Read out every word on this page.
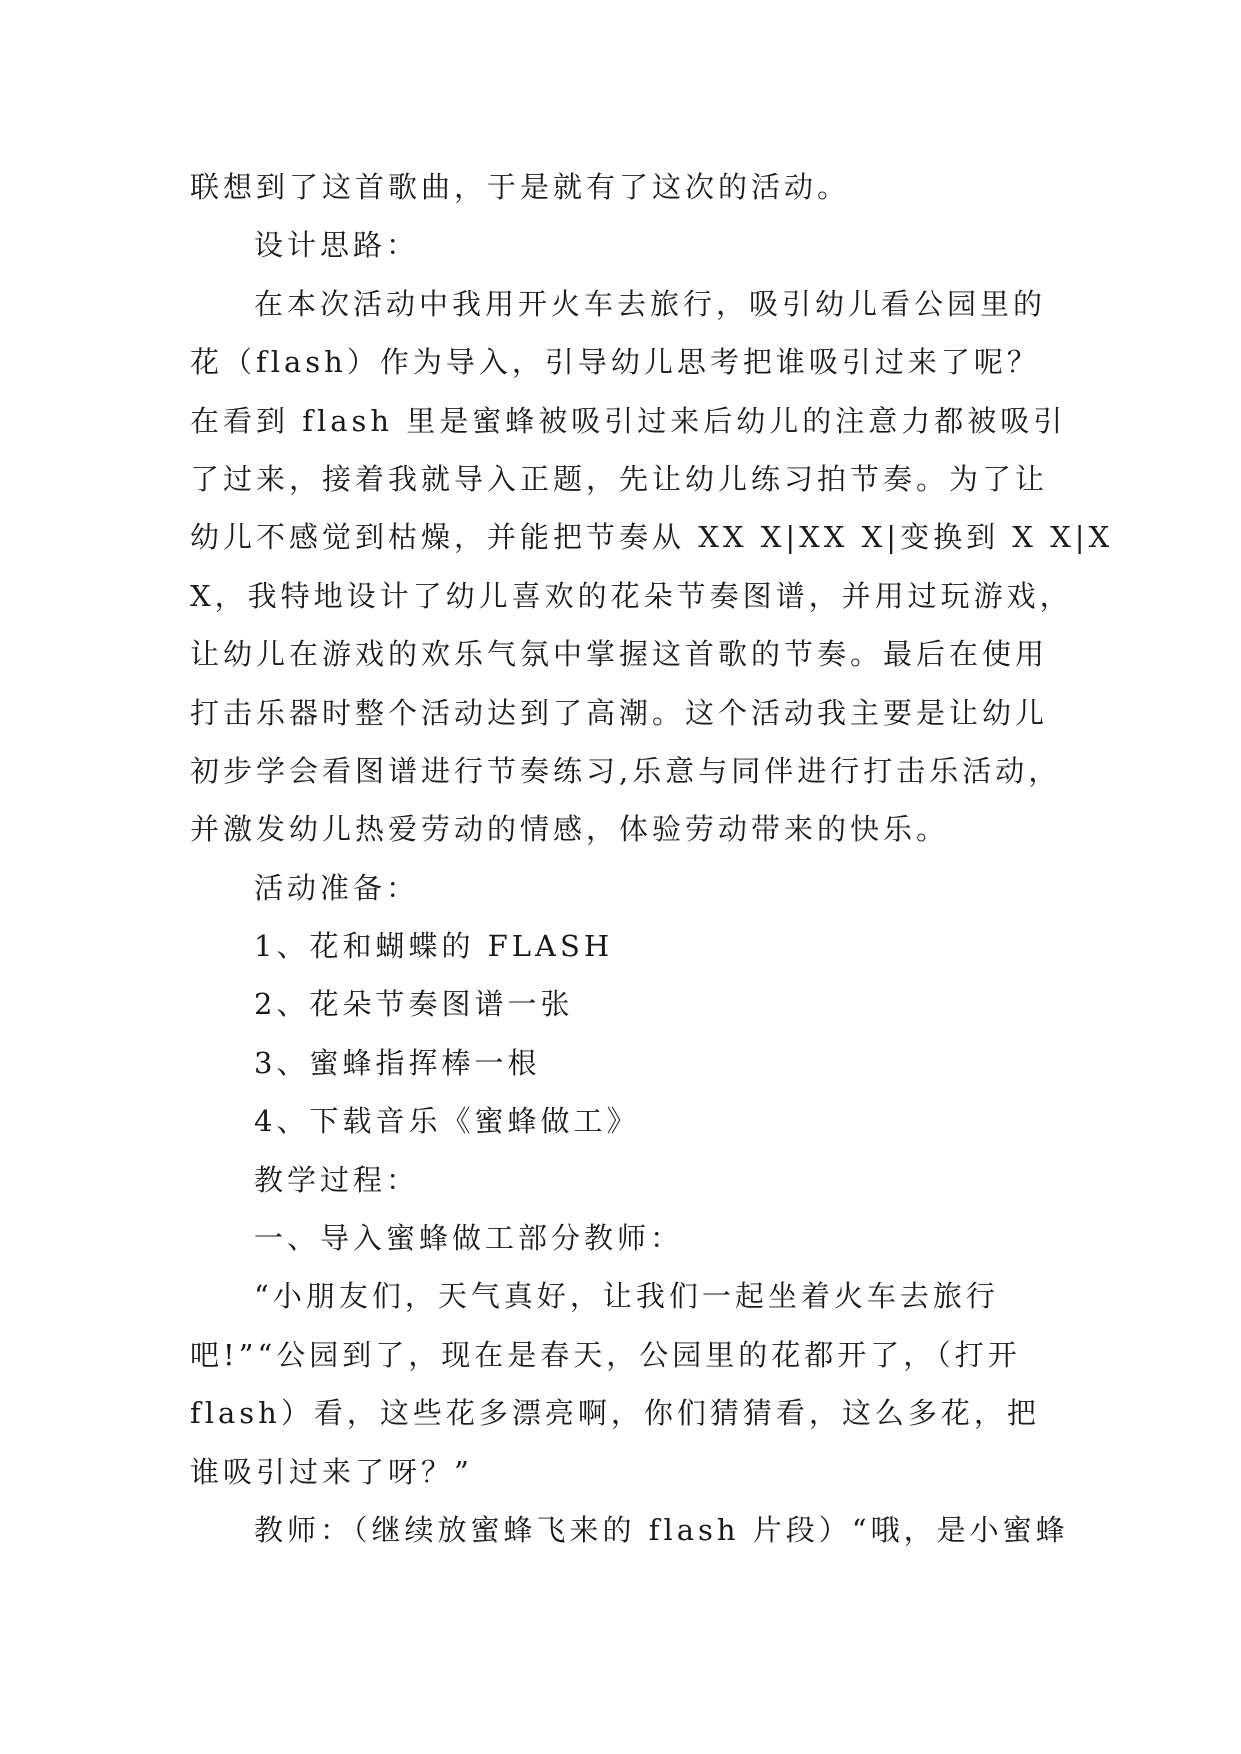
联想到了这首歌曲，于是就有了这次的活动。
设计思路：
在本次活动中我用开火车去旅行，吸引幼儿看公园里的
花（flash）作为导入，引导幼儿思考把谁吸引过来了呢？
在看到 flash 里是蜜蜂被吸引过来后幼儿的注意力都被吸引
了过来，接着我就导入正题，先让幼儿练习拍节奏。为了让
幼儿不感觉到枯燥，并能把节奏从 XX X|XX X|变换到 X X|X
X，我特地设计了幼儿喜欢的花朵节奏图谱，并用过玩游戏，
让幼儿在游戏的欢乐气氛中掌握这首歌的节奏。最后在使用
打击乐器时整个活动达到了高潮。这个活动我主要是让幼儿
初步学会看图谱进行节奏练习,乐意与同伴进行打击乐活动，
并激发幼儿热爱劳动的情感，体验劳动带来的快乐。
活动准备：
1、花和蝴蝶的 FLASH
2、花朵节奏图谱一张
3、蜜蜂指挥棒一根
4、下载音乐《蜜蜂做工》
教学过程：
一、导入蜜蜂做工部分教师：
“小朋友们，天气真好，让我们一起坐着火车去旅行
吧!”“公园到了，现在是春天，公园里的花都开了，（打开
flash）看，这些花多漂亮啊，你们猜猜看，这么多花，把
谁吸引过来了呀？”
教师：（继续放蜜蜂飞来的 flash 片段）“哦，是小蜜蜂
